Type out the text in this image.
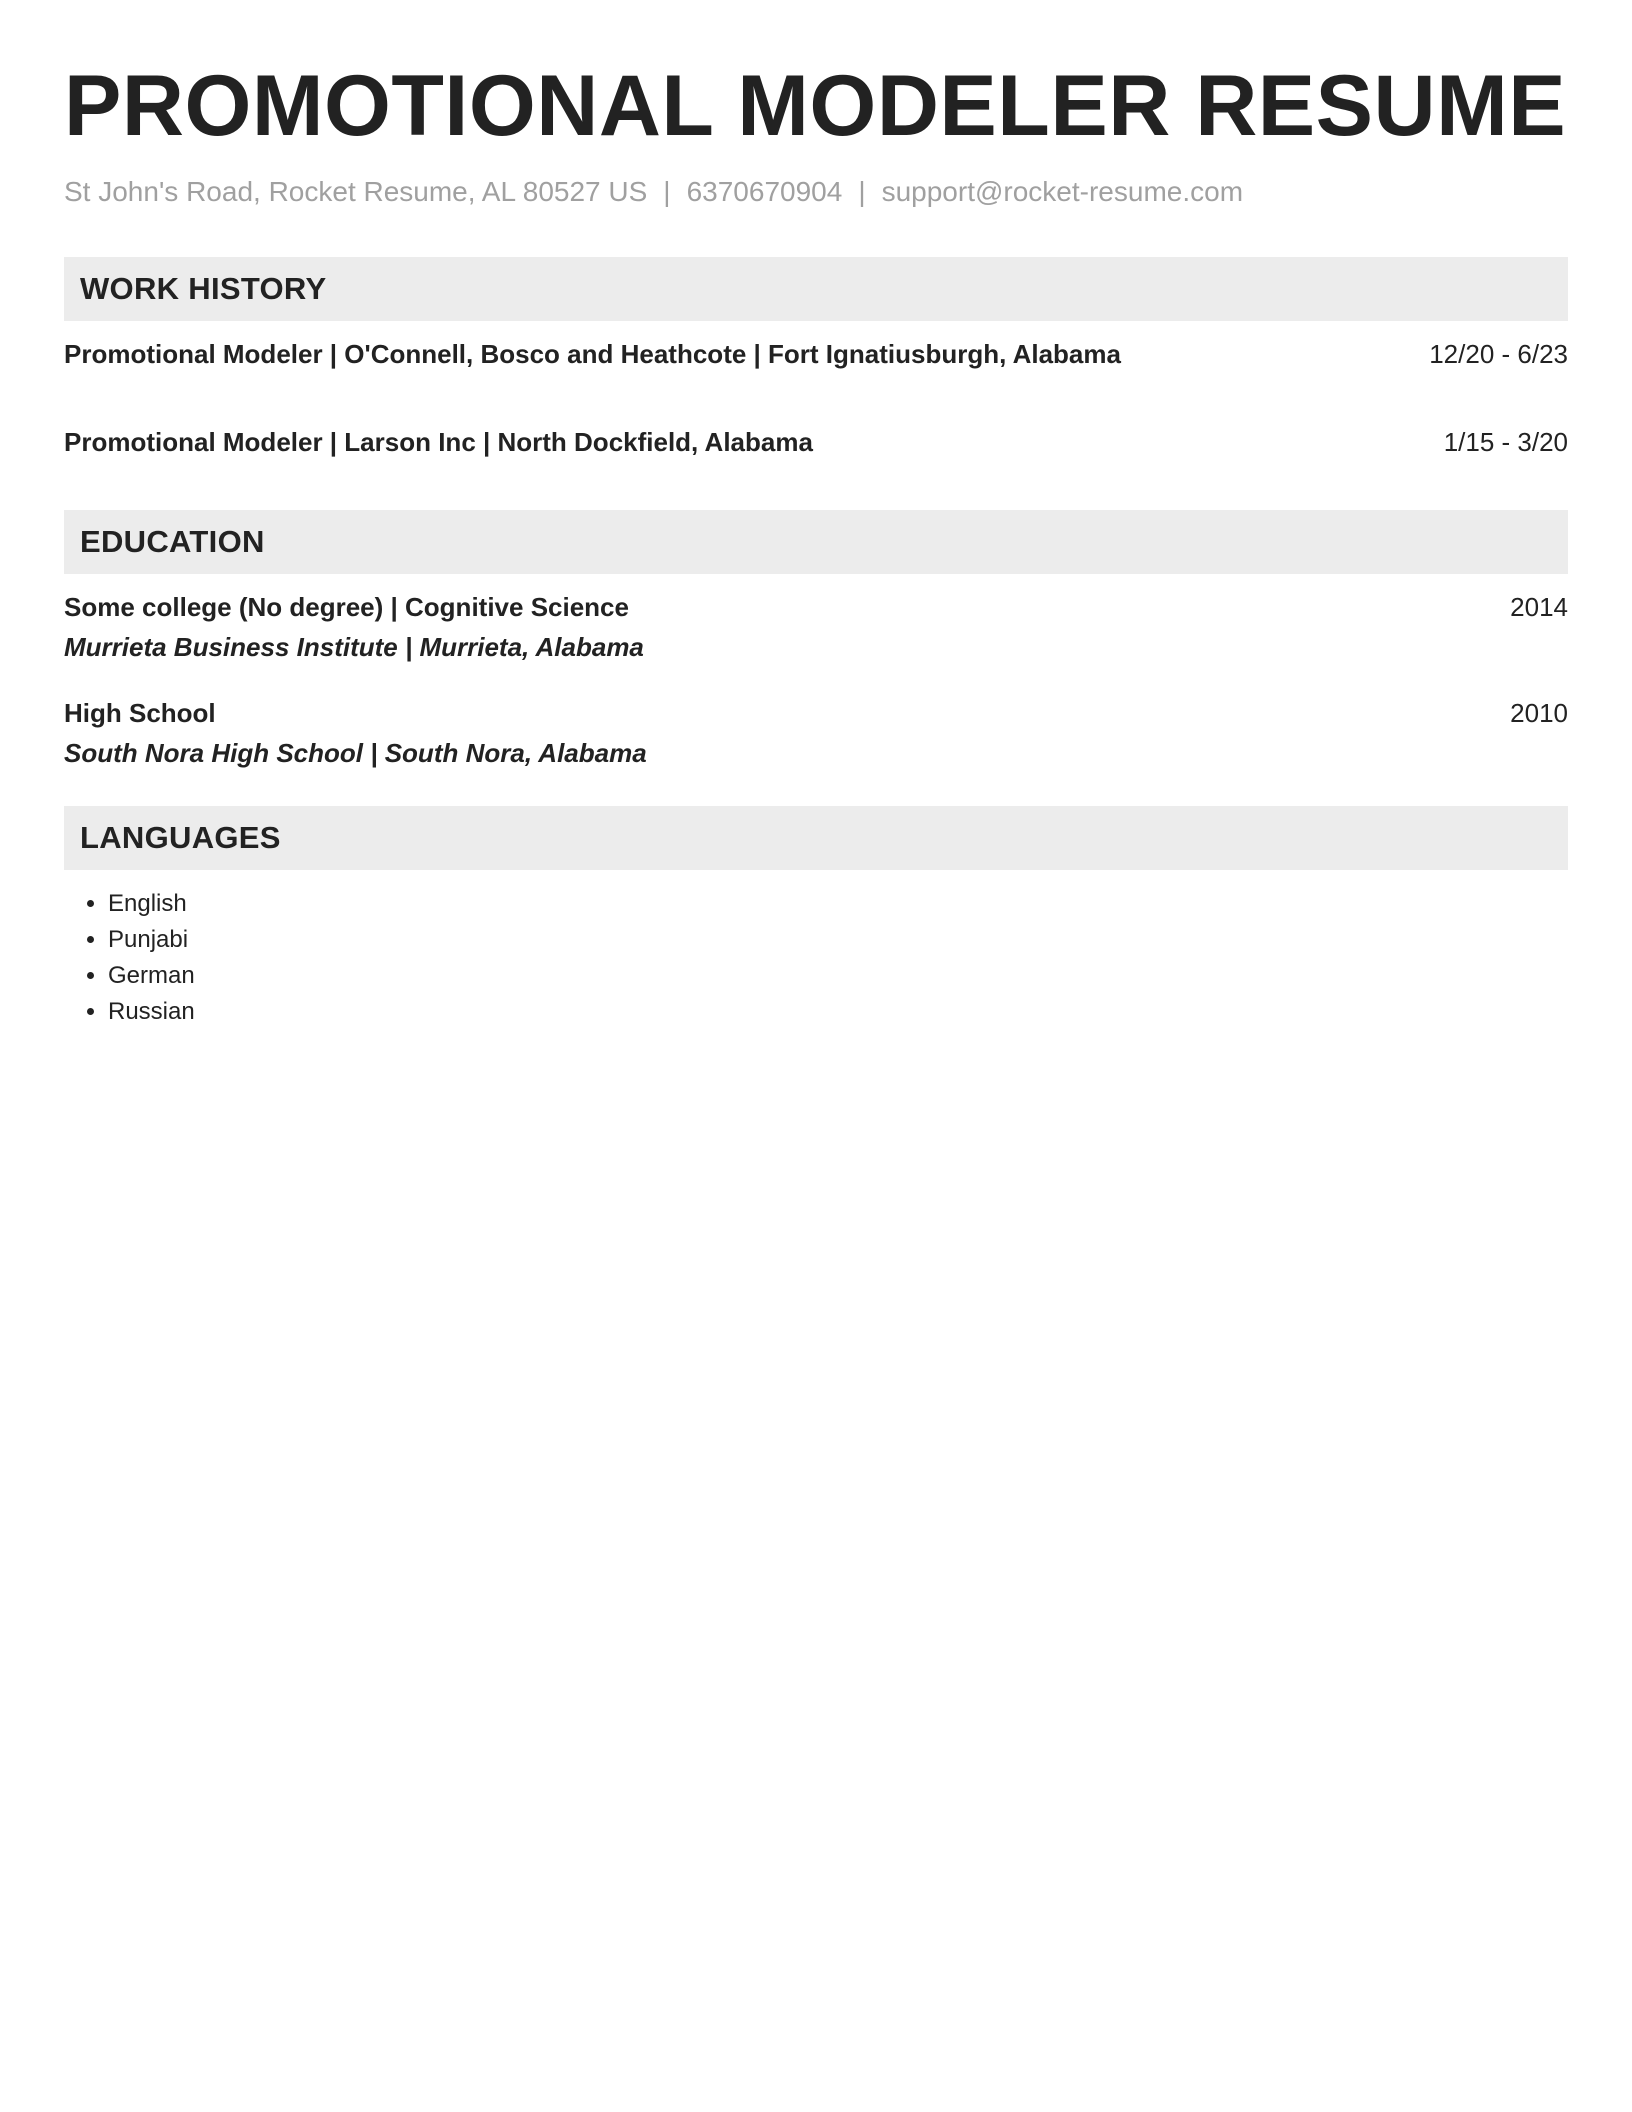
PROMOTIONAL MODELER RESUME
St John's Road, Rocket Resume, AL 80527 US | 6370670904 | support@rocket-resume.com
WORK HISTORY
Promotional Modeler | O'Connell, Bosco and Heathcote | Fort Ignatiusburgh, Alabama	12/20 - 6/23
Promotional Modeler | Larson Inc | North Dockfield, Alabama	1/15 - 3/20
EDUCATION
Some college (No degree) | Cognitive Science	2014
Murrieta Business Institute | Murrieta, Alabama
High School	2010
South Nora High School | South Nora, Alabama
LANGUAGES
• English
• Punjabi
• German
• Russian
